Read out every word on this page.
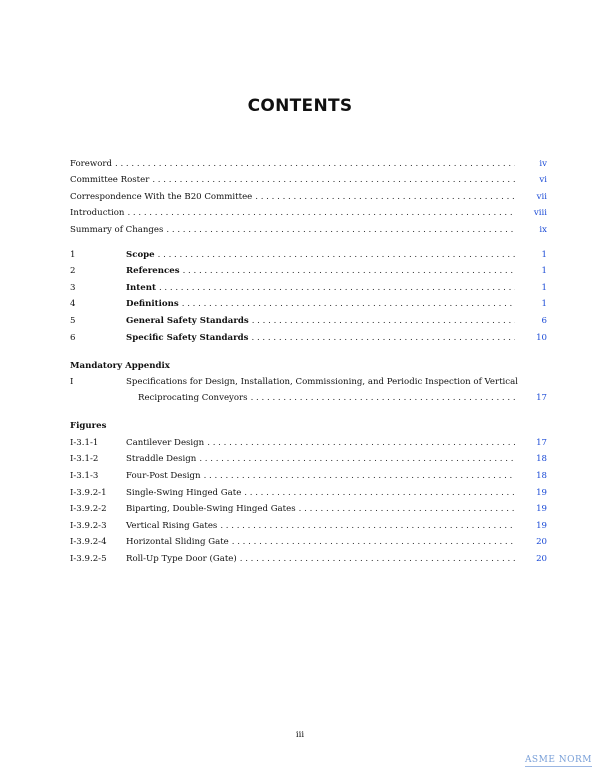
CONTENTS
Foreword . . .	iv
Committee Roster . . .	vi
Correspondence With the B20 Committee . . .	vii
Introduction . . .	viii
Summary of Changes . . .	ix
1	Scope . . .	1
2	References . . .	1
3	Intent . . .	1
4	Definitions . . .	1
5	General Safety Standards . . .	6
6	Specific Safety Standards . . .	10
Mandatory Appendix
I	Specifications for Design, Installation, Commissioning, and Periodic Inspection of Vertical
Reciprocating Conveyors . . .	17
Figures
I-3.1-1	Cantilever Design . . .	17
I-3.1-2	Straddle Design . . .	18
I-3.1-3	Four-Post Design . . .	18
I-3.9.2-1	Single-Swing Hinged Gate . . .	19
I-3.9.2-2	Biparting, Double-Swing Hinged Gates . . .	19
I-3.9.2-3	Vertical Rising Gates . . .	19
I-3.9.2-4	Horizontal Sliding Gate . . .	20
I-3.9.2-5	Roll-Up Type Door (Gate) . . .	20
iii
ASME NORM
